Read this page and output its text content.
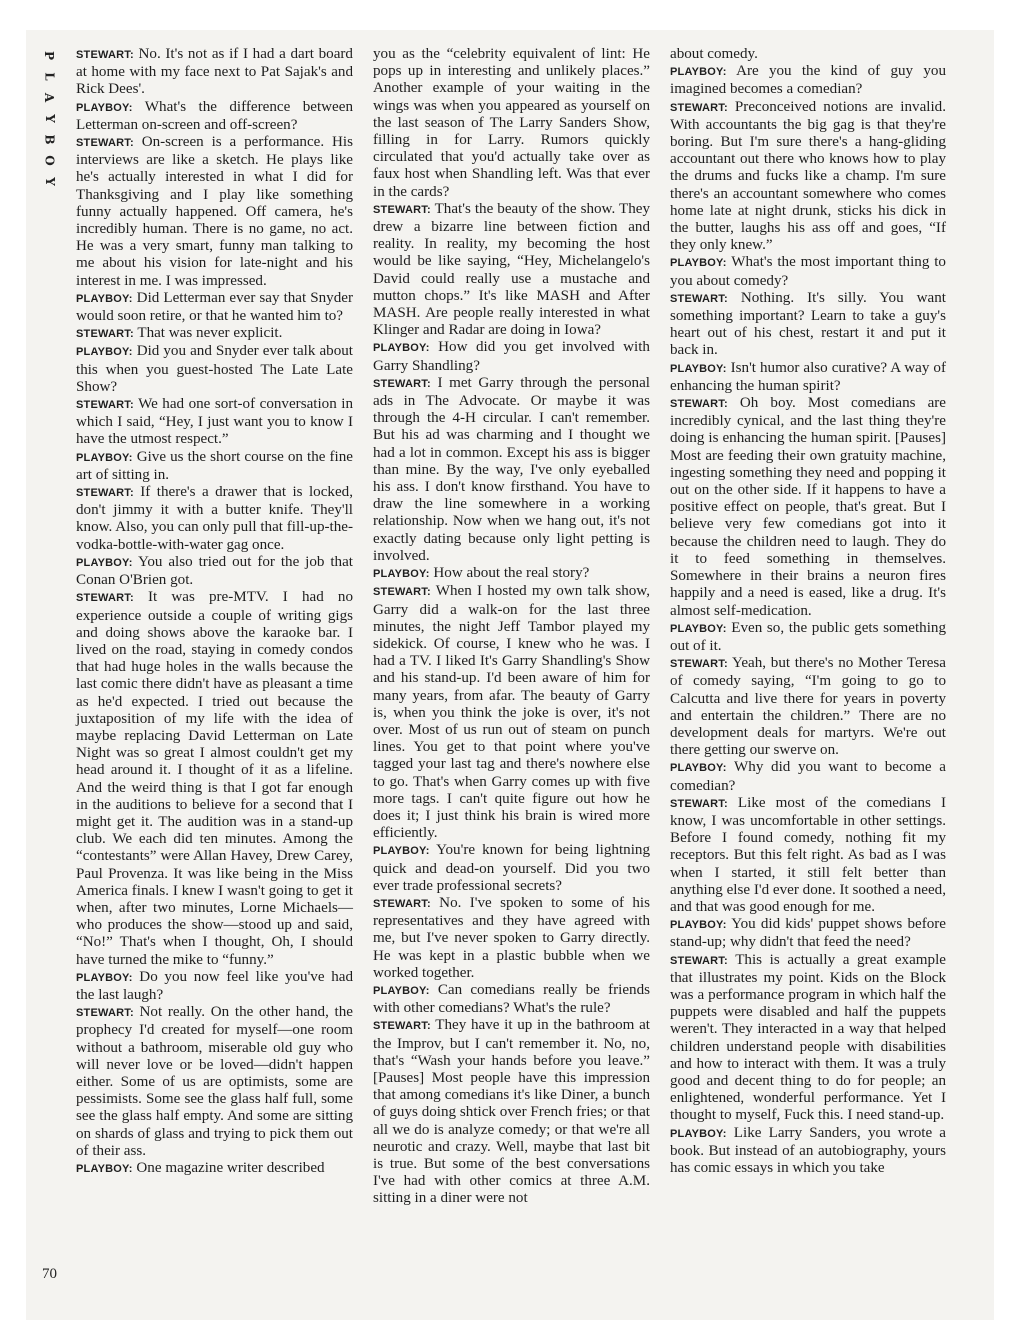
P
L
A
Y
B
O
Y

STEWART: No. It's not as if I had a dart board at home with my face next to Pat Sajak's and Rick Dees'.

PLAYBOY: What's the difference between Letterman on-screen and off-screen?

STEWART: On-screen is a performance. His interviews are like a sketch. He plays like he's actually interested in what I did for Thanksgiving and I play like something funny actually happened. Off camera, he's incredibly human. There is no game, no act. He was a very smart, funny man talking to me about his vision for late-night and his interest in me. I was impressed.

PLAYBOY: Did Letterman ever say that Snyder would soon retire, or that he wanted him to?

STEWART: That was never explicit.

PLAYBOY: Did you and Snyder ever talk about this when you guest-hosted The Late Late Show?

STEWART: We had one sort-of conversation in which I said, “Hey, I just want you to know I have the utmost respect.”

PLAYBOY: Give us the short course on the fine art of sitting in.

STEWART: If there's a drawer that is locked, don't jimmy it with a butter knife. They'll know. Also, you can only pull that fill-up-the-vodka-bottle-with-water gag once.

PLAYBOY: You also tried out for the job that Conan O'Brien got.

STEWART: It was pre-MTV. I had no experience outside a couple of writing gigs and doing shows above the karaoke bar. I lived on the road, staying in comedy condos that had huge holes in the walls because the last comic there didn't have as pleasant a time as he'd expected. I tried out because the juxtaposition of my life with the idea of maybe replacing David Letterman on Late Night was so great I almost couldn't get my head around it. I thought of it as a lifeline. And the weird thing is that I got far enough in the auditions to believe for a second that I might get it. The audition was in a stand-up club. We each did ten minutes. Among the “contestants” were Allan Havey, Drew Carey, Paul Provenza. It was like being in the Miss America finals. I knew I wasn't going to get it when, after two minutes, Lorne Michaels—who produces the show—stood up and said, “No!” That's when I thought, Oh, I should have turned the mike to “funny.”

PLAYBOY: Do you now feel like you've had the last laugh?

STEWART: Not really. On the other hand, the prophecy I'd created for myself—one room without a bathroom, miserable old guy who will never love or be loved—didn't happen either. Some of us are optimists, some are pessimists. Some see the glass half full, some see the glass half empty. And some are sitting on shards of glass and trying to pick them out of their ass.

PLAYBOY: One magazine writer described

you as the “celebrity equivalent of lint: He pops up in interesting and unlikely places.” Another example of your waiting in the wings was when you appeared as yourself on the last season of The Larry Sanders Show, filling in for Larry. Rumors quickly circulated that you'd actually take over as faux host when Shandling left. Was that ever in the cards?

STEWART: That's the beauty of the show. They drew a bizarre line between fiction and reality. In reality, my becoming the host would be like saying, “Hey, Michelangelo's David could really use a mustache and mutton chops.” It's like MASH and After MASH. Are people really interested in what Klinger and Radar are doing in Iowa?

PLAYBOY: How did you get involved with Garry Shandling?

STEWART: I met Garry through the personal ads in The Advocate. Or maybe it was through the 4-H circular. I can't remember. But his ad was charming and I thought we had a lot in common. Except his ass is bigger than mine. By the way, I've only eyeballed his ass. I don't know firsthand. You have to draw the line somewhere in a working relationship. Now when we hang out, it's not exactly dating because only light petting is involved.

PLAYBOY: How about the real story?

STEWART: When I hosted my own talk show, Garry did a walk-on for the last three minutes, the night Jeff Tambor played my sidekick. Of course, I knew who he was. I had a TV. I liked It's Garry Shandling's Show and his stand-up. I'd been aware of him for many years, from afar. The beauty of Garry is, when you think the joke is over, it's not over. Most of us run out of steam on punch lines. You get to that point where you've tagged your last tag and there's nowhere else to go. That's when Garry comes up with five more tags. I can't quite figure out how he does it; I just think his brain is wired more efficiently.

PLAYBOY: You're known for being lightning quick and dead-on yourself. Did you two ever trade professional secrets?

STEWART: No. I've spoken to some of his representatives and they have agreed with me, but I've never spoken to Garry directly. He was kept in a plastic bubble when we worked together.

PLAYBOY: Can comedians really be friends with other comedians? What's the rule?

STEWART: They have it up in the bathroom at the Improv, but I can't remember it. No, no, that's “Wash your hands before you leave.” [Pauses] Most people have this impression that among comedians it's like Diner, a bunch of guys doing shtick over French fries; or that all we do is analyze comedy; or that we're all neurotic and crazy. Well, maybe that last bit is true. But some of the best conversations I've had with other comics at three A.M. sitting in a diner were not

about comedy.

PLAYBOY: Are you the kind of guy you imagined becomes a comedian?

STEWART: Preconceived notions are invalid. With accountants the big gag is that they're boring. But I'm sure there's a hang-gliding accountant out there who knows how to play the drums and fucks like a champ. I'm sure there's an accountant somewhere who comes home late at night drunk, sticks his dick in the butter, laughs his ass off and goes, “If they only knew.”

PLAYBOY: What's the most important thing to you about comedy?

STEWART: Nothing. It's silly. You want something important? Learn to take a guy's heart out of his chest, restart it and put it back in.

PLAYBOY: Isn't humor also curative? A way of enhancing the human spirit?

STEWART: Oh boy. Most comedians are incredibly cynical, and the last thing they're doing is enhancing the human spirit. [Pauses] Most are feeding their own gratuity machine, ingesting something they need and popping it out on the other side. If it happens to have a positive effect on people, that's great. But I believe very few comedians got into it because the children need to laugh. They do it to feed something in themselves. Somewhere in their brains a neuron fires happily and a need is eased, like a drug. It's almost self-medication.

PLAYBOY: Even so, the public gets something out of it.

STEWART: Yeah, but there's no Mother Teresa of comedy saying, “I'm going to go to Calcutta and live there for years in poverty and entertain the children.” There are no development deals for martyrs. We're out there getting our swerve on.

PLAYBOY: Why did you want to become a comedian?

STEWART: Like most of the comedians I know, I was uncomfortable in other settings. Before I found comedy, nothing fit my receptors. But this felt right. As bad as I was when I started, it still felt better than anything else I'd ever done. It soothed a need, and that was good enough for me.

PLAYBOY: You did kids' puppet shows before stand-up; why didn't that feed the need?

STEWART: This is actually a great example that illustrates my point. Kids on the Block was a performance program in which half the puppets were disabled and half the puppets weren't. They interacted in a way that helped children understand people with disabilities and how to interact with them. It was a truly good and decent thing to do for people; an enlightened, wonderful performance. Yet I thought to myself, Fuck this. I need stand-up.

PLAYBOY: Like Larry Sanders, you wrote a book. But instead of an autobiography, yours has comic essays in which you take

70
